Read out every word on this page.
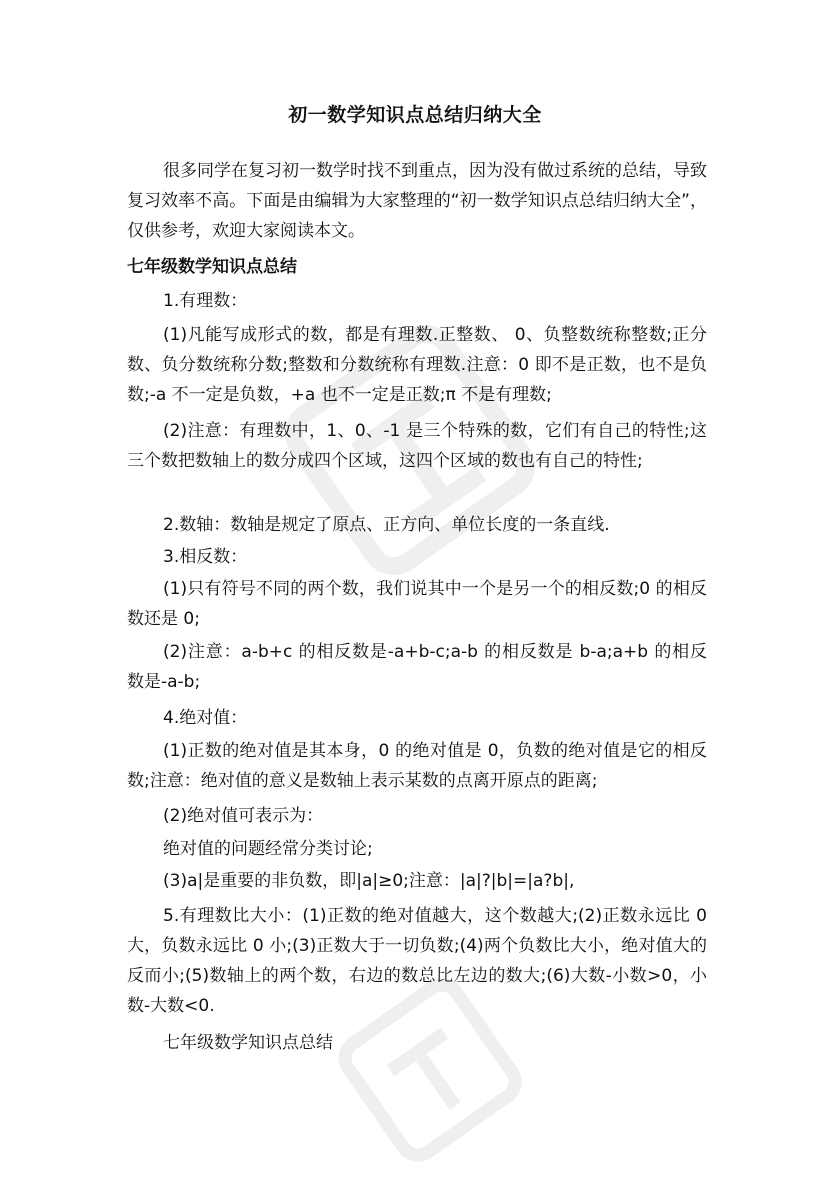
初一数学知识点总结归纳大全
很多同学在复习初一数学时找不到重点，因为没有做过系统的总结，导致复习效率不高。下面是由编辑为大家整理的“初一数学知识点总结归纳大全”，仅供参考，欢迎大家阅读本文。
七年级数学知识点总结
1.有理数：
(1)凡能写成形式的数，都是有理数.正整数、 0、负整数统称整数;正分数、负分数统称分数;整数和分数统称有理数.注意：0 即不是正数，也不是负数;-a 不一定是负数，+a 也不一定是正数;π 不是有理数;
(2)注意：有理数中，1、0、-1 是三个特殊的数，它们有自己的特性;这三个数把数轴上的数分成四个区域，这四个区域的数也有自己的特性;
2.数轴：数轴是规定了原点、正方向、单位长度的一条直线.
3.相反数：
(1)只有符号不同的两个数，我们说其中一个是另一个的相反数;0 的相反数还是 0;
(2)注意：a-b+c 的相反数是-a+b-c;a-b 的相反数是 b-a;a+b 的相反数是-a-b;
4.绝对值：
(1)正数的绝对值是其本身，0 的绝对值是 0，负数的绝对值是它的相反数;注意：绝对值的意义是数轴上表示某数的点离开原点的距离;
(2)绝对值可表示为：
绝对值的问题经常分类讨论;
(3)a|是重要的非负数，即|a|≥0;注意：|a|?|b|=|a?b|,
5.有理数比大小：(1)正数的绝对值越大，这个数越大;(2)正数永远比 0 大，负数永远比 0 小;(3)正数大于一切负数;(4)两个负数比大小，绝对值大的反而小;(5)数轴上的两个数，右边的数总比左边的数大;(6)大数-小数>0，小数-大数<0.
七年级数学知识点总结
